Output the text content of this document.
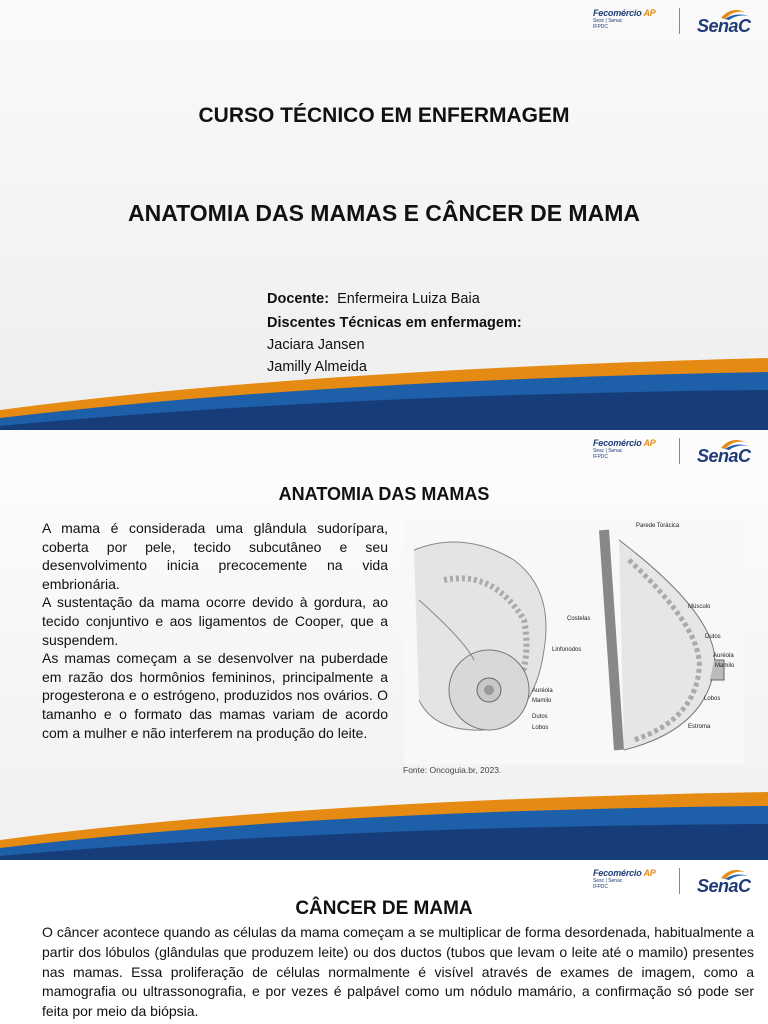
Fecomércio AP
Sesc | Senac
IFPDC	SenaC
CURSO TÉCNICO EM ENFERMAGEM
ANATOMIA DAS MAMAS E CÂNCER DE MAMA
Docente: Enfermeira Luiza Baia
Discentes Técnicas em enfermagem:
Jaciara Jansen
Jamilly Almeida
Fecomércio AP
Sesc | Senac
IFPDC	SenaC
ANATOMIA DAS MAMAS

A mama é considerada uma glândula sudorípara, coberta por pele, tecido subcutâneo e seu desenvolvimento inicia precocemente na vida embrionária.

A sustentação da mama ocorre devido à gordura, ao tecido conjuntivo e aos ligamentos de Cooper, que a suspendem.

As mamas começam a se desenvolver na puberdade em razão dos hormônios femininos, principalmente a progesterona e o estrógeno, produzidos nos ovários. O tamanho e o formato das mamas variam de acordo com a mulher e não interferem na produção do leite.

Parede Torácica
Músculo
Costelas
Linfonodos
Dutos
Auréola
Mamilo
Lobos
Estroma
Auréola
Mamilo
Dutos
Lobos
Fonte: Oncoguia.br, 2023.
Fecomércio AP
Sesc | Senac
IFPDC	SenaC
CÂNCER DE MAMA
O câncer acontece quando as células da mama começam a se multiplicar de forma desordenada, habitualmente a partir dos lóbulos (glândulas que produzem leite) ou dos ductos (tubos que levam o leite até o mamilo) presentes nas mamas. Essa proliferação de células normalmente é visível através de exames de imagem, como a mamografia ou ultrassonografia, e por vezes é palpável como um nódulo mamário, a confirmação só pode ser feita por meio da biópsia.
